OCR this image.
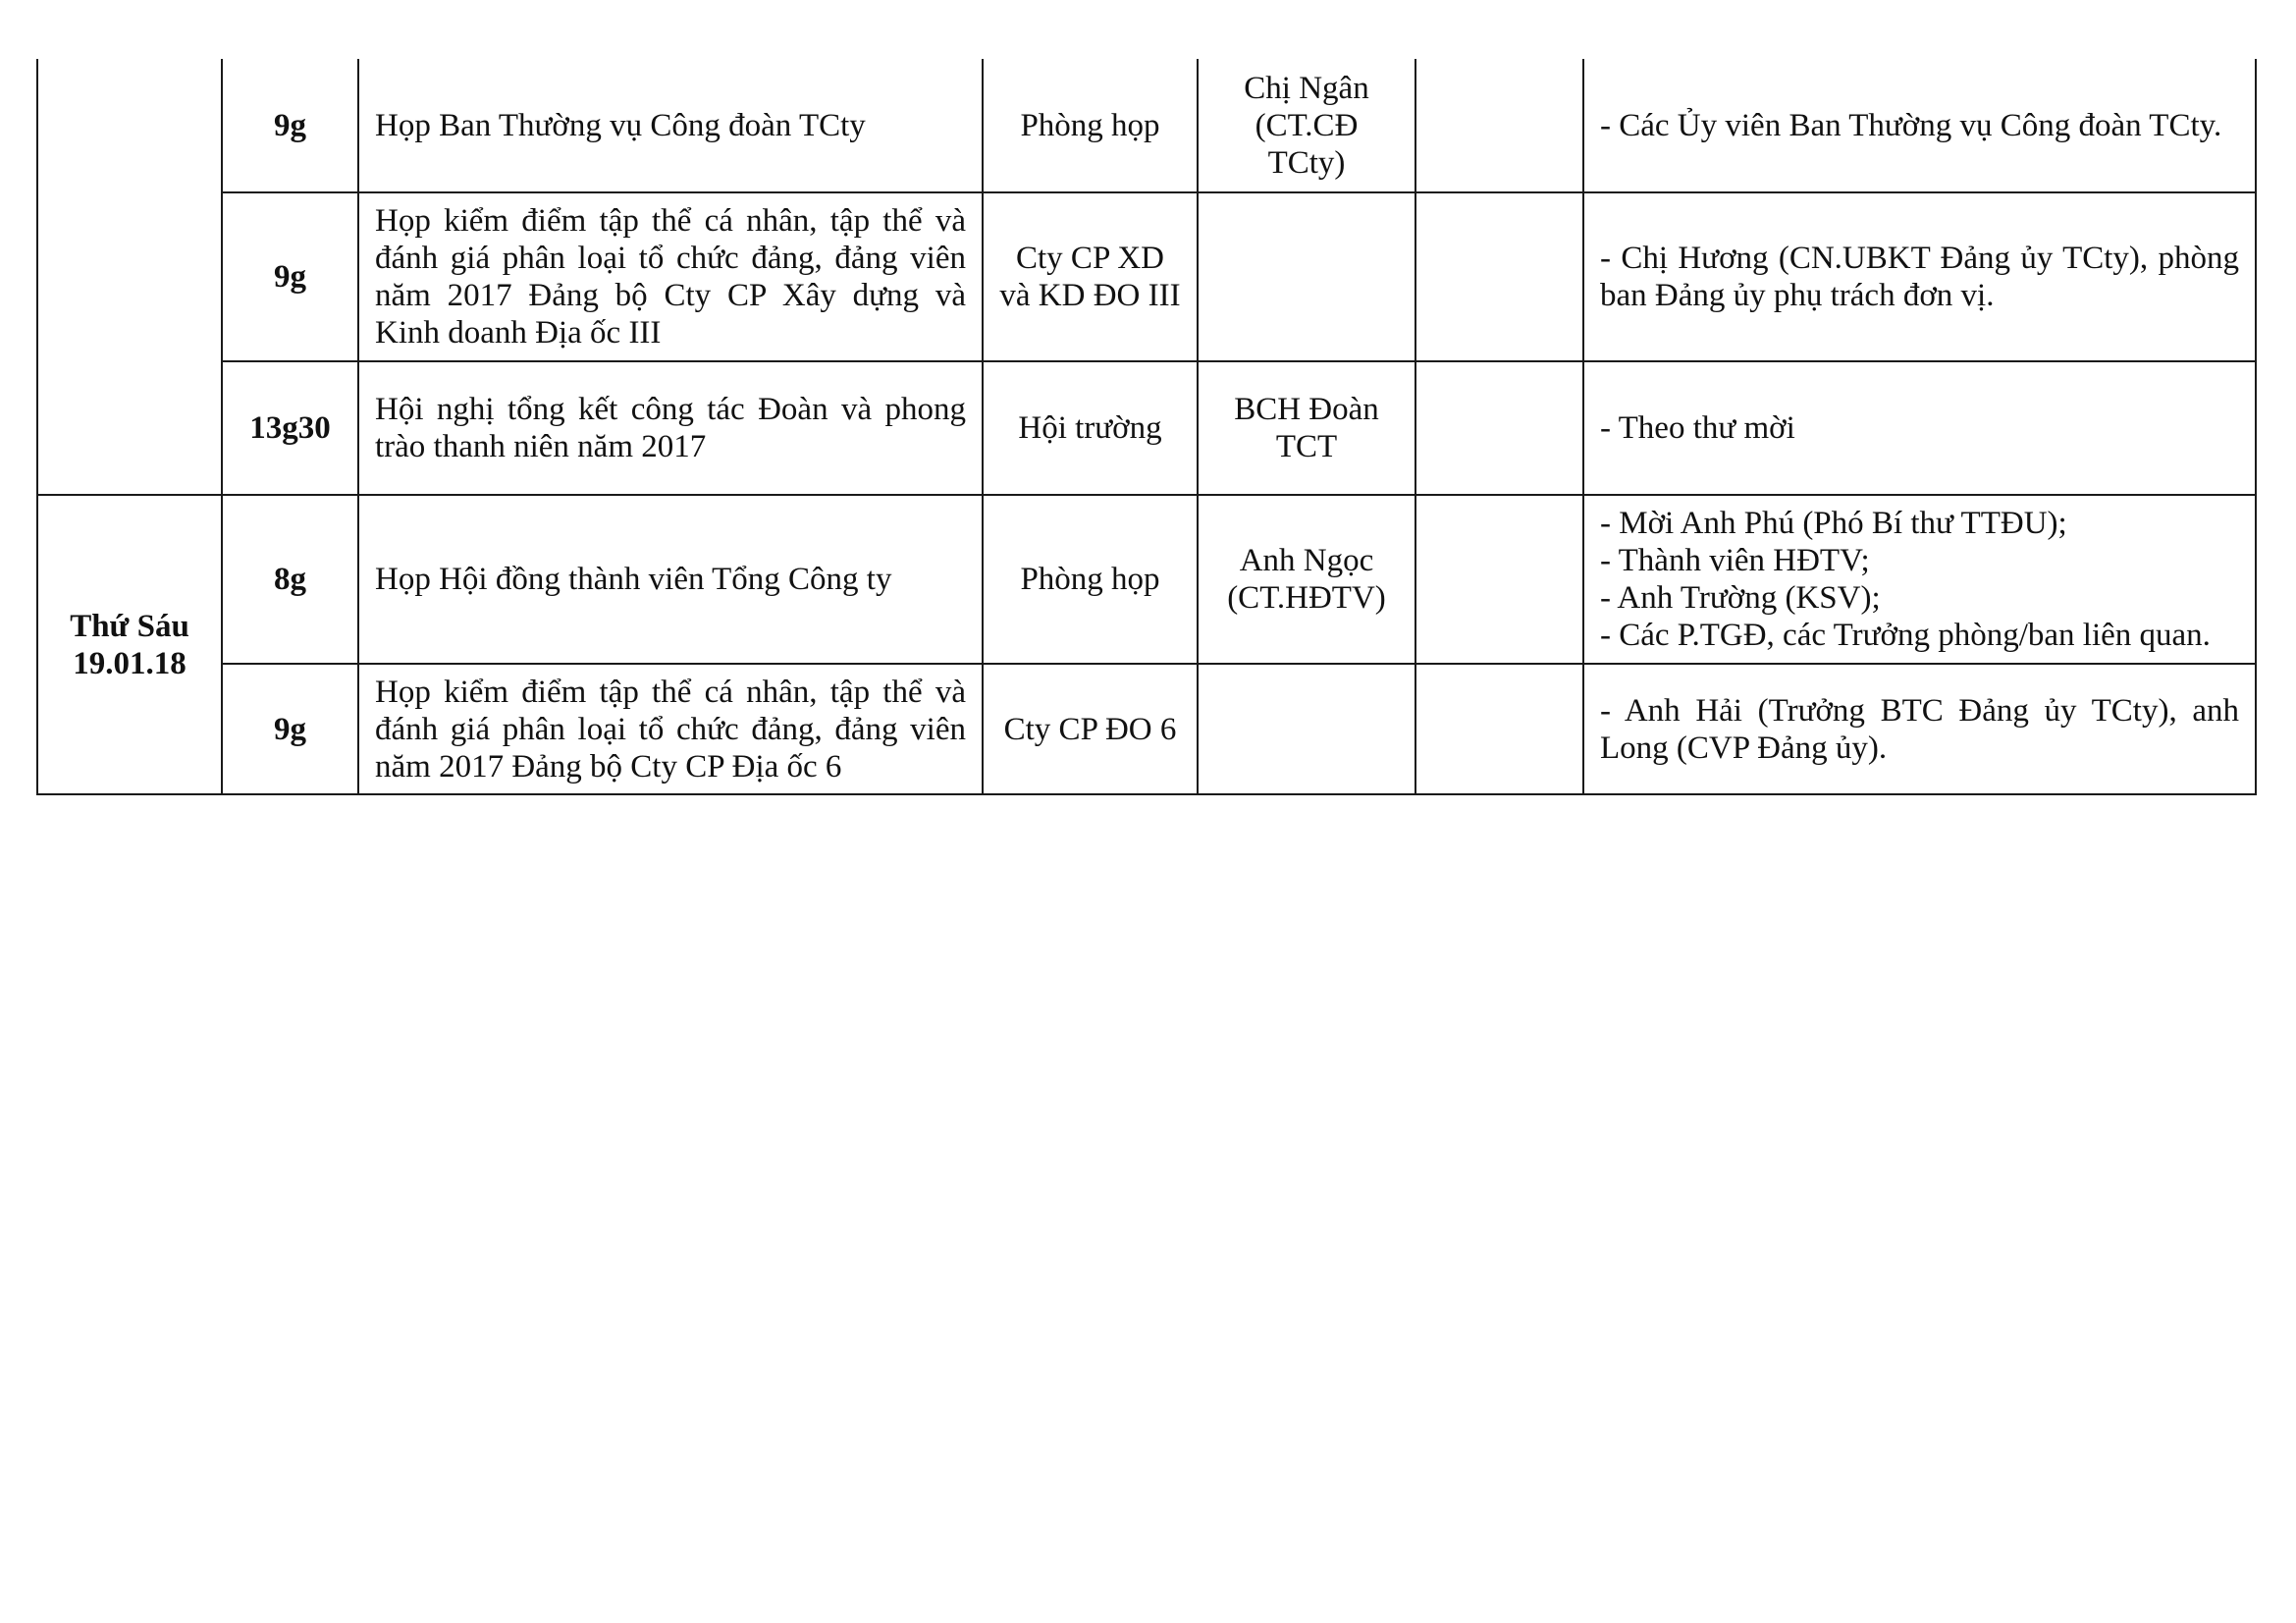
	9g	Họp Ban Thường vụ Công đoàn TCty	Phòng họp	Chị Ngân
(CT.CĐ
TCty)		- Các Ủy viên Ban Thường vụ Công đoàn TCty.

	9g	Họp kiểm điểm tập thể cá nhân, tập thể và đánh giá phân loại tổ chức đảng, đảng viên năm 2017 Đảng bộ Cty CP Xây dựng và Kinh doanh Địa ốc III	Cty CP XD
và KD ĐO III			- Chị Hương (CN.UBKT Đảng ủy TCty), phòng ban Đảng ủy phụ trách đơn vị.
	13g30	Hội nghị tổng kết công tác Đoàn và phong trào thanh niên năm 2017	Hội trường	BCH Đoàn
TCT		- Theo thư mời

Thứ Sáu
19.01.18	8g	Họp Hội đồng thành viên Tổng Công ty	Phòng họp	Anh Ngọc
(CT.HĐTV)		- Mời Anh Phú (Phó Bí thư TTĐU);
- Thành viên HĐTV;
- Anh Trường (KSV);
- Các P.TGĐ, các Trưởng phòng/ban liên quan.

	9g	Họp kiểm điểm tập thể cá nhân, tập thể và đánh giá phân loại tổ chức đảng, đảng viên năm 2017 Đảng bộ Cty CP Địa ốc 6	Cty CP ĐO 6			- Anh Hải (Trưởng BTC Đảng ủy TCty), anh Long (CVP Đảng ủy).
